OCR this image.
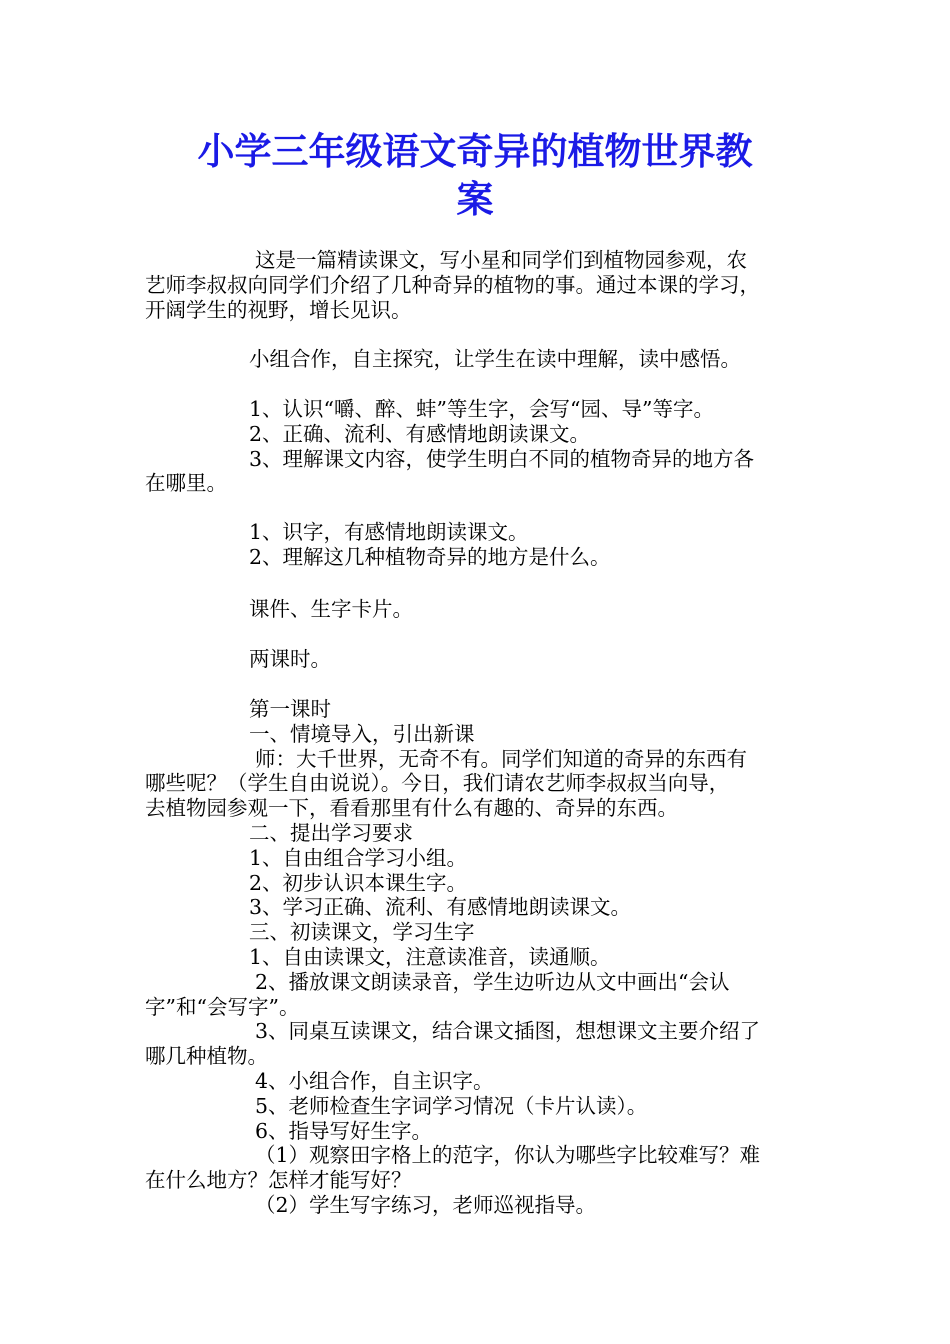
小学三年级语文奇异的植物世界教
案
这是一篇精读课文，写小星和同学们到植物园参观，农
艺师李叔叔向同学们介绍了几种奇异的植物的事。通过本课的学习，
开阔学生的视野，增长见识。
小组合作，自主探究，让学生在读中理解，读中感悟。
1、认识“嚼、醉、蚌”等生字，会写“园、导”等字。
2、正确、流利、有感情地朗读课文。
3、理解课文内容，使学生明白不同的植物奇异的地方各
在哪里。
1、识字，有感情地朗读课文。
2、理解这几种植物奇异的地方是什么。
课件、生字卡片。
两课时。
第一课时
一、情境导入，引出新课
师：大千世界，无奇不有。同学们知道的奇异的东西有
哪些呢？（学生自由说说）。今日，我们请农艺师李叔叔当向导，
去植物园参观一下，看看那里有什么有趣的、奇异的东西。
二、提出学习要求
1、自由组合学习小组。
2、初步认识本课生字。
3、学习正确、流利、有感情地朗读课文。
三、初读课文，学习生字
1、自由读课文，注意读准音，读通顺。
2、播放课文朗读录音，学生边听边从文中画出“会认
字”和“会写字”。
3、同桌互读课文，结合课文插图，想想课文主要介绍了
哪几种植物。
4、小组合作，自主识字。
5、老师检查生字词学习情况（卡片认读）。
6、指导写好生字。
（1）观察田字格上的范字，你认为哪些字比较难写？难
在什么地方？怎样才能写好？
（2）学生写字练习，老师巡视指导。
